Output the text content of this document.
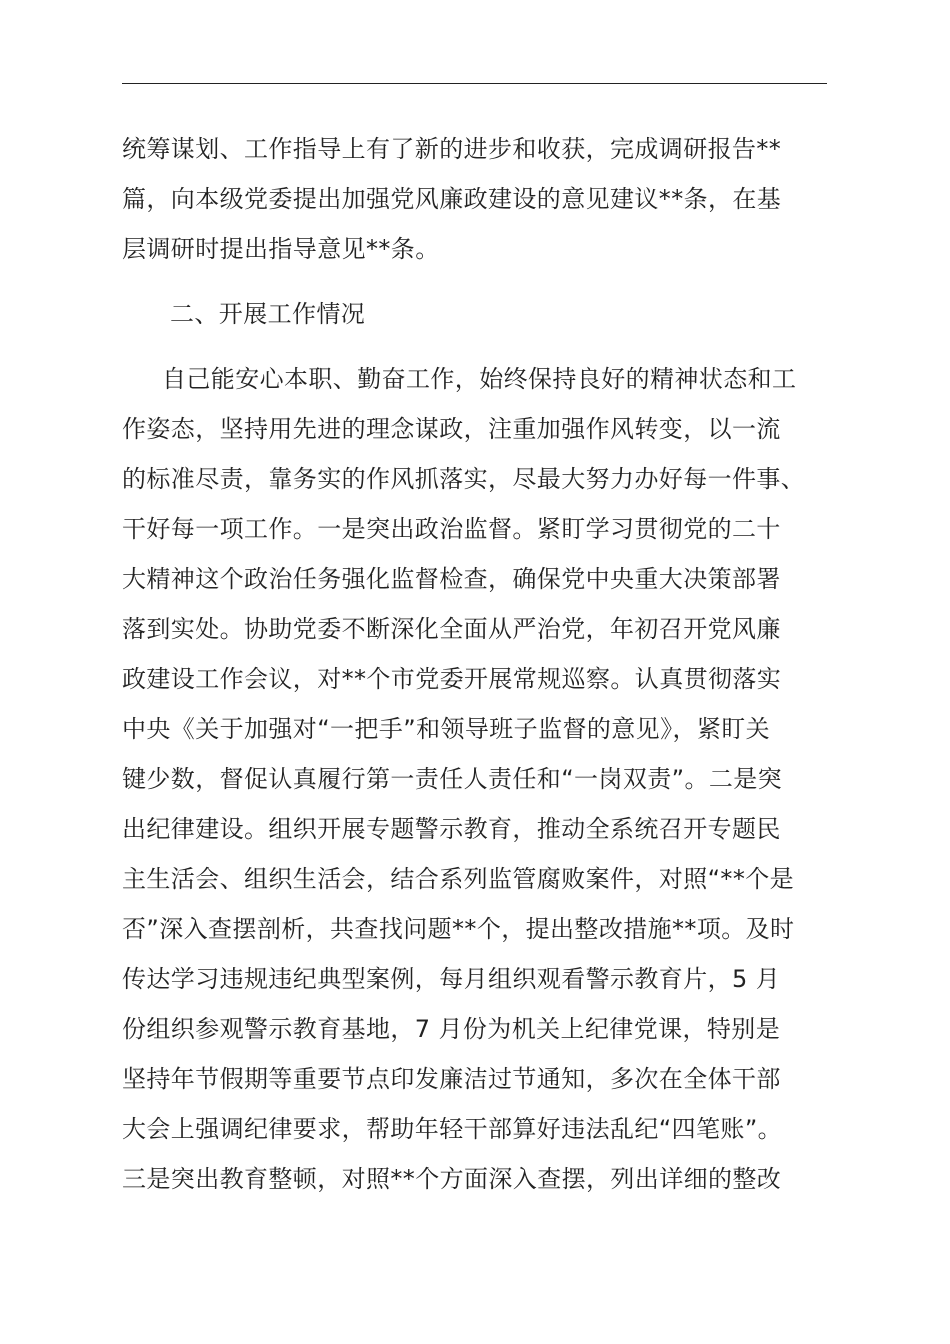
统筹谋划、工作指导上有了新的进步和收获，完成调研报告**
篇，向本级党委提出加强党风廉政建设的意见建议**条，在基
层调研时提出指导意见**条。
二、开展工作情况
自己能安心本职、勤奋工作，始终保持良好的精神状态和工
作姿态，坚持用先进的理念谋政，注重加强作风转变，以一流
的标准尽责，靠务实的作风抓落实，尽最大努力办好每一件事、
干好每一项工作。一是突出政治监督。紧盯学习贯彻党的二十
大精神这个政治任务强化监督检查，确保党中央重大决策部署
落到实处。协助党委不断深化全面从严治党，年初召开党风廉
政建设工作会议，对**个市党委开展常规巡察。认真贯彻落实
中央《关于加强对“一把手”和领导班子监督的意见》，紧盯关
键少数，督促认真履行第一责任人责任和“一岗双责”。二是突
出纪律建设。组织开展专题警示教育，推动全系统召开专题民
主生活会、组织生活会，结合系列监管腐败案件，对照“**个是
否”深入查摆剖析，共查找问题**个，提出整改措施**项。及时
传达学习违规违纪典型案例，每月组织观看警示教育片，5 月
份组织参观警示教育基地，7 月份为机关上纪律党课，特别是
坚持年节假期等重要节点印发廉洁过节通知，多次在全体干部
大会上强调纪律要求，帮助年轻干部算好违法乱纪“四笔账”。
三是突出教育整顿，对照**个方面深入查摆，列出详细的整改
